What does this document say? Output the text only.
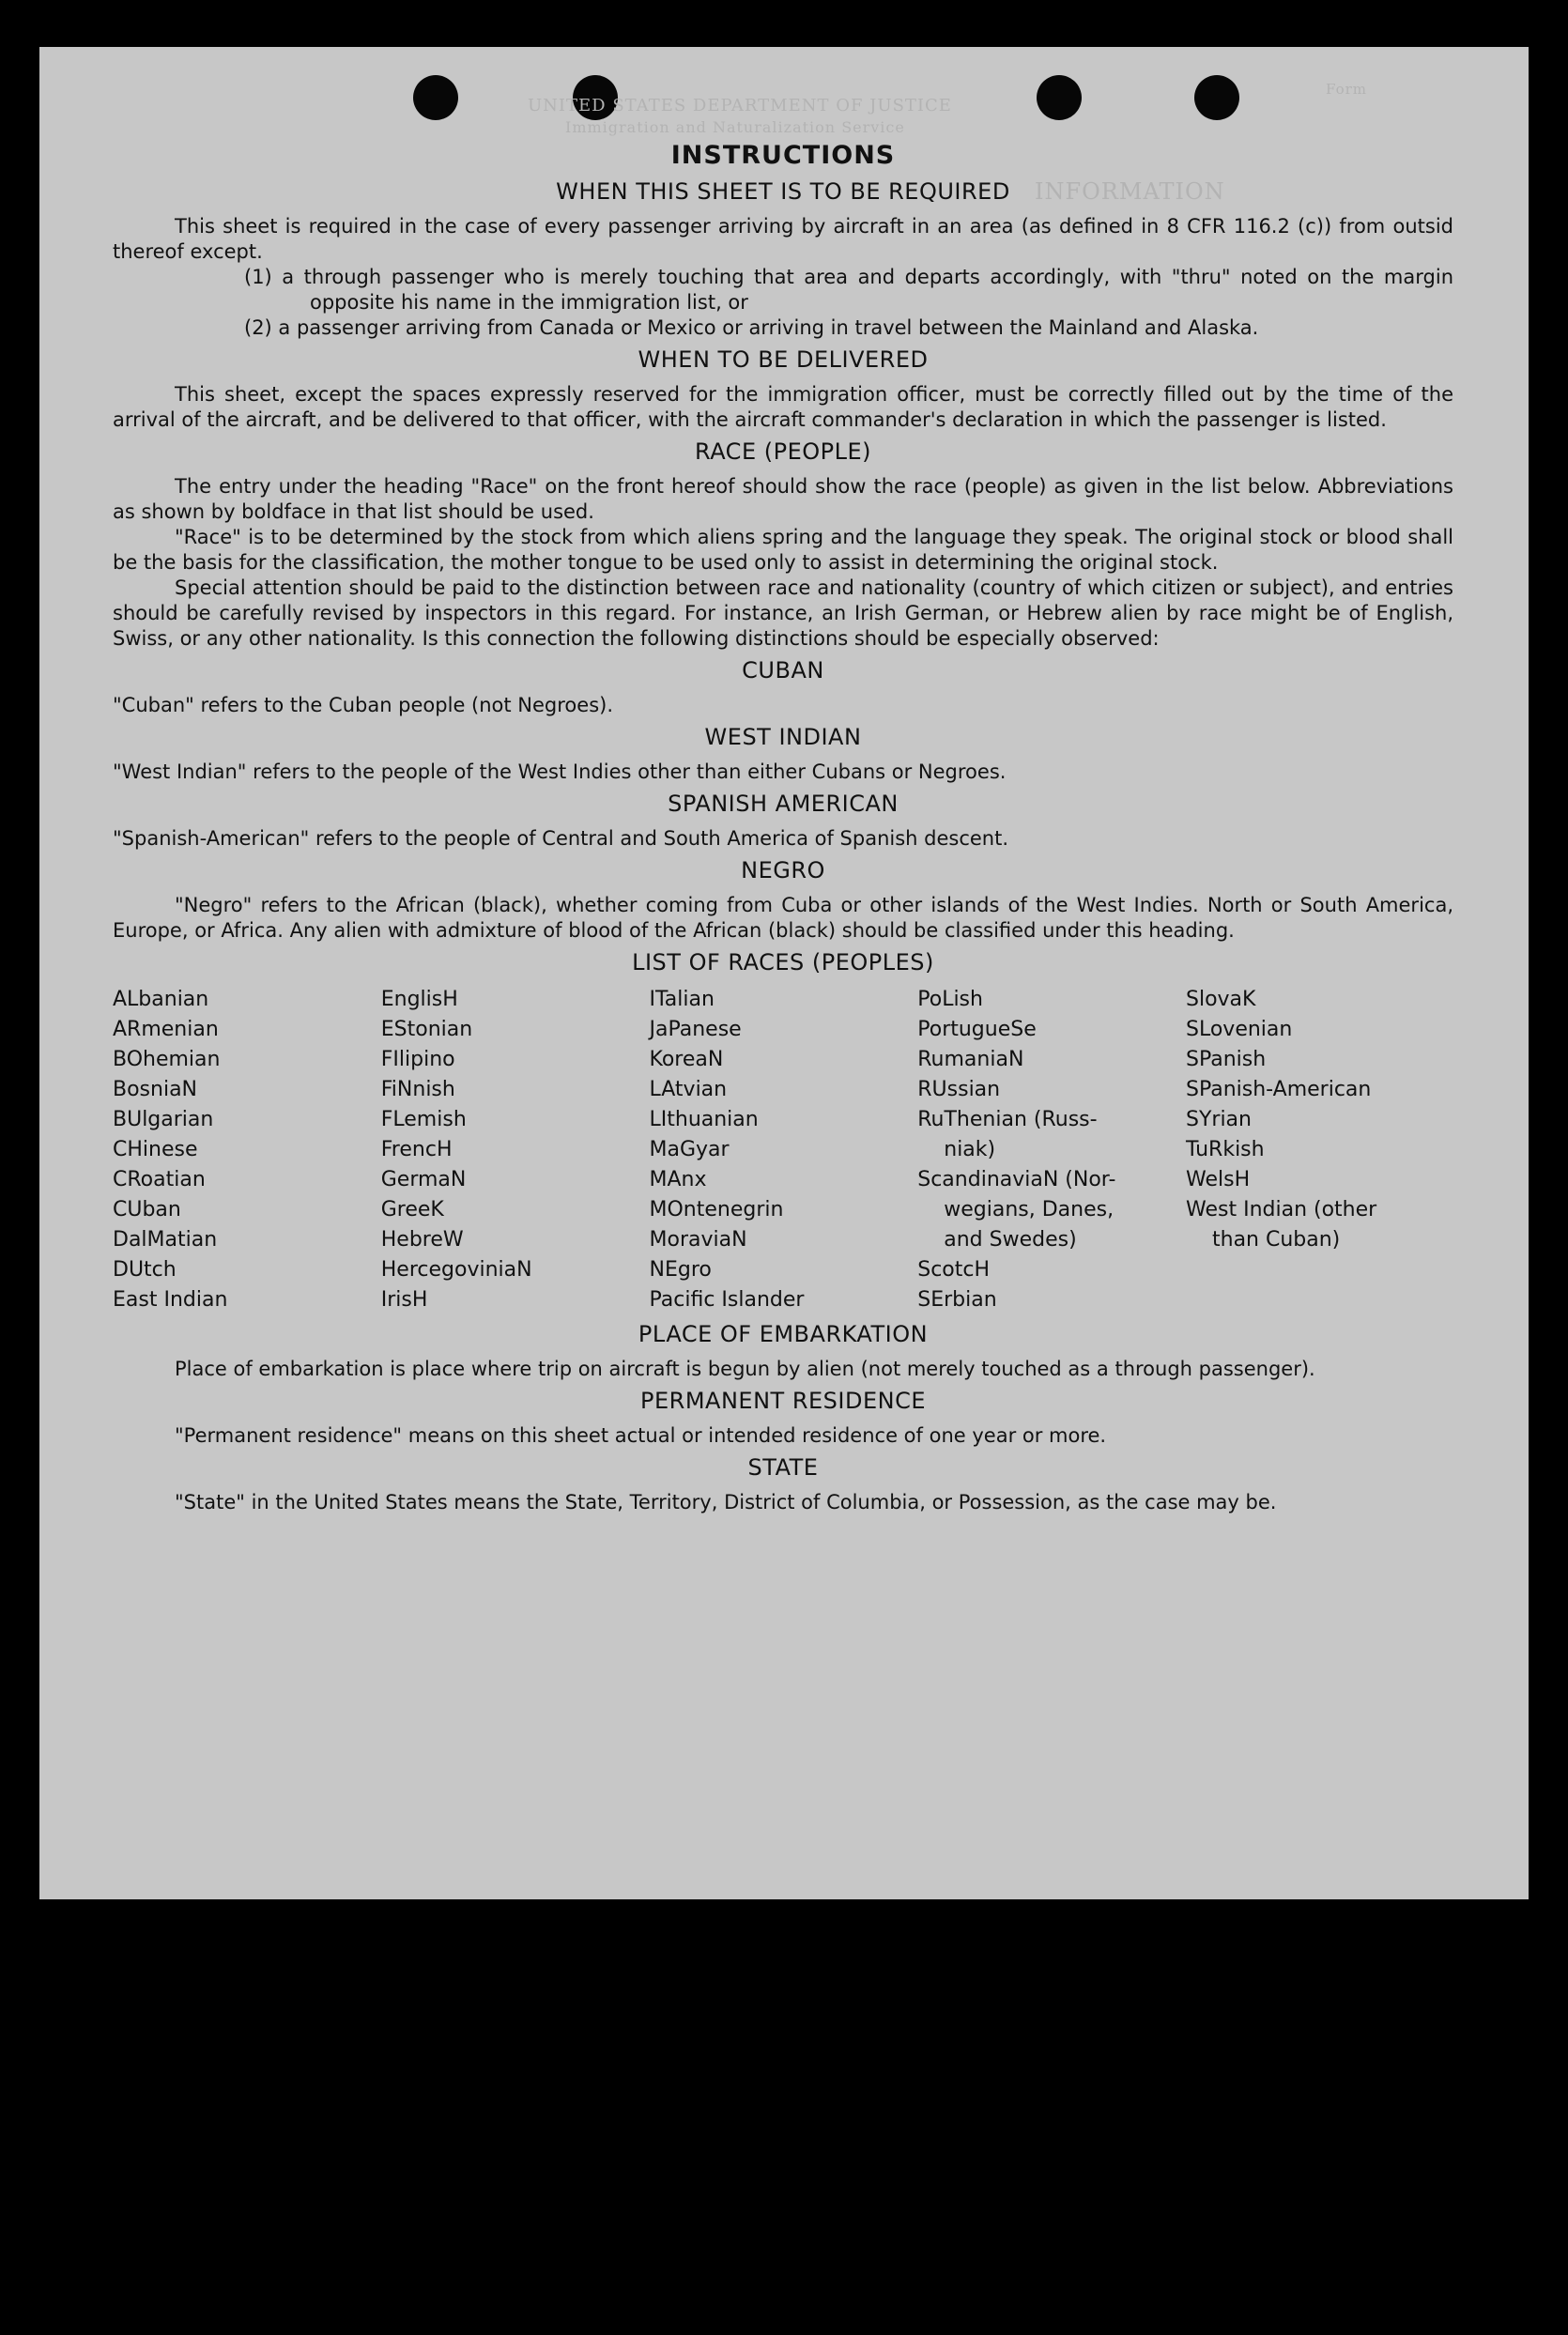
UNITED STATES DEPARTMENT OF JUSTICE
Immigration and Naturalization Service
Form
INFORMATION
INSTRUCTIONS
WHEN THIS SHEET IS TO BE REQUIRED

This sheet is required in the case of every passenger arriving by aircraft in an area (as defined in 8 CFR 116.2 (c)) from outsid thereof except.

(1) a through passenger who is merely touching that area and departs accordingly, with "thru" noted on the margin opposite his name in the immigration list, or

(2) a passenger arriving from Canada or Mexico or arriving in travel between the Mainland and Alaska.

WHEN TO BE DELIVERED

This sheet, except the spaces expressly reserved for the immigration officer, must be correctly filled out by the time of the arrival of the aircraft, and be delivered to that officer, with the aircraft commander's declaration in which the passenger is listed.

RACE (PEOPLE)

The entry under the heading "Race" on the front hereof should show the race (people) as given in the list below. Abbreviations as shown by boldface in that list should be used.

"Race" is to be determined by the stock from which aliens spring and the language they speak. The original stock or blood shall be the basis for the classification, the mother tongue to be used only to assist in determining the original stock.

Special attention should be paid to the distinction between race and nationality (country of which citizen or subject), and entries should be carefully revised by inspectors in this regard. For instance, an Irish German, or Hebrew alien by race might be of English, Swiss, or any other nationality. Is this connection the following distinctions should be especially observed:

CUBAN

"Cuban" refers to the Cuban people (not Negroes).

WEST INDIAN

"West Indian" refers to the people of the West Indies other than either Cubans or Negroes.

SPANISH AMERICAN

"Spanish-American" refers to the people of Central and South America of Spanish descent.

NEGRO

"Negro" refers to the African (black), whether coming from Cuba or other islands of the West Indies. North or South America, Europe, or Africa. Any alien with admixture of blood of the African (black) should be classified under this heading.

LIST OF RACES (PEOPLES)
ALbanian
ARmenian
BOhemian
BosniaN
BUlgarian
CHinese
CRoatian
CUban
DalMatian
DUtch
East Indian
EnglisH
EStonian
FIlipino
FiNnish
FLemish
FrencH
GermaN
GreeK
HebreW
HercegoviniaN
IrisH
ITalian
JaPanese
KoreaN
LAtvian
LIthuanian
MaGyar
MAnx
MOntenegrin
MoraviaN
NEgro
Pacific Islander
PoLish
PortugueSe
RumaniaN
RUssian
RuThenian (Russ-
niak)
ScandinaviaN (Nor-
wegians, Danes,
and Swedes)
ScotcH
SErbian
SlovaK
SLovenian
SPanish
SPanish-American
SYrian
TuRkish
WelsH
West Indian (other
than Cuban)
PLACE OF EMBARKATION

Place of embarkation is place where trip on aircraft is begun by alien (not merely touched as a through passenger).

PERMANENT RESIDENCE

"Permanent residence" means on this sheet actual or intended residence of one year or more.

STATE

"State" in the United States means the State, Territory, District of Columbia, or Possession, as the case may be.
